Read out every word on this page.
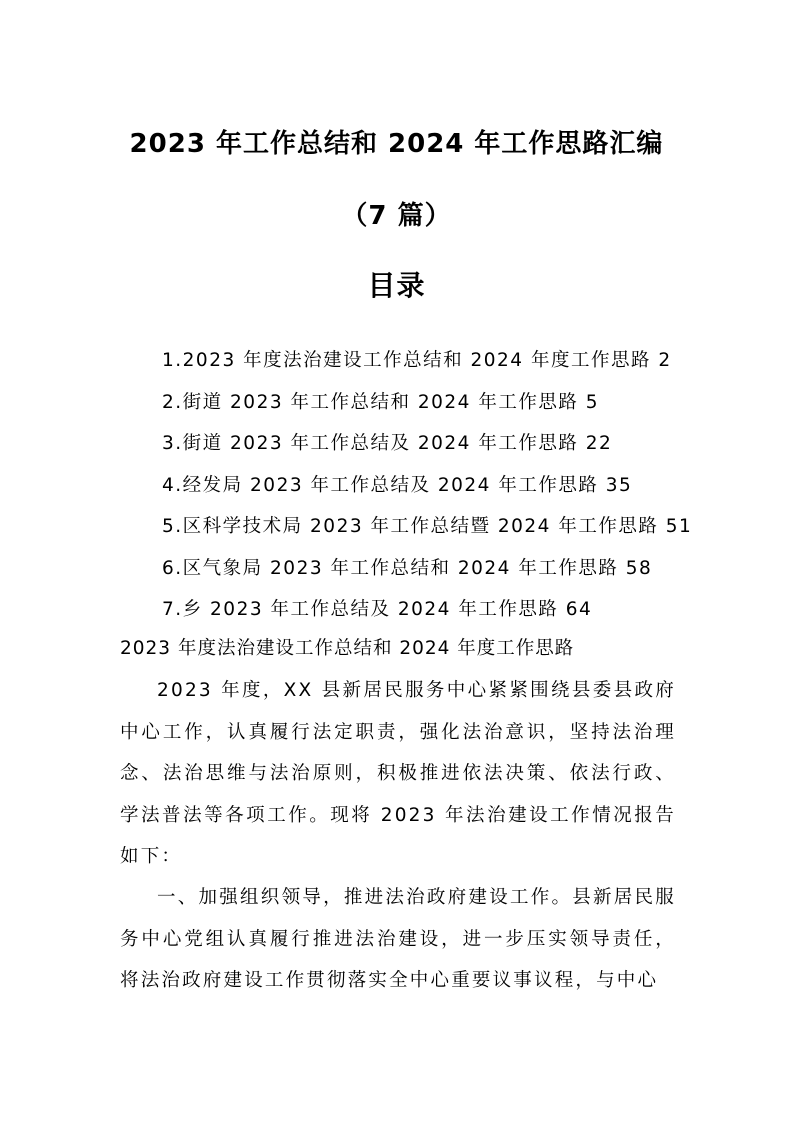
2023 年工作总结和 2024 年工作思路汇编
（7 篇）
目录
1.2023 年度法治建设工作总结和 2024 年度工作思路 2
2.街道 2023 年工作总结和 2024 年工作思路 5
3.街道 2023 年工作总结及 2024 年工作思路 22
4.经发局 2023 年工作总结及 2024 年工作思路 35
5.区科学技术局 2023 年工作总结暨 2024 年工作思路 51
6.区气象局 2023 年工作总结和 2024 年工作思路 58
7.乡 2023 年工作总结及 2024 年工作思路 64
2023 年度法治建设工作总结和 2024 年度工作思路

2023 年度，XX 县新居民服务中心紧紧围绕县委县政府中心工作，认真履行法定职责，强化法治意识，坚持法治理念、法治思维与法治原则，积极推进依法决策、依法行政、学法普法等各项工作。现将 2023 年法治建设工作情况报告如下：

一、加强组织领导，推进法治政府建设工作。县新居民服务中心党组认真履行推进法治建设，进一步压实领导责任，将法治政府建设工作贯彻落实全中心重要议事议程，与中心
